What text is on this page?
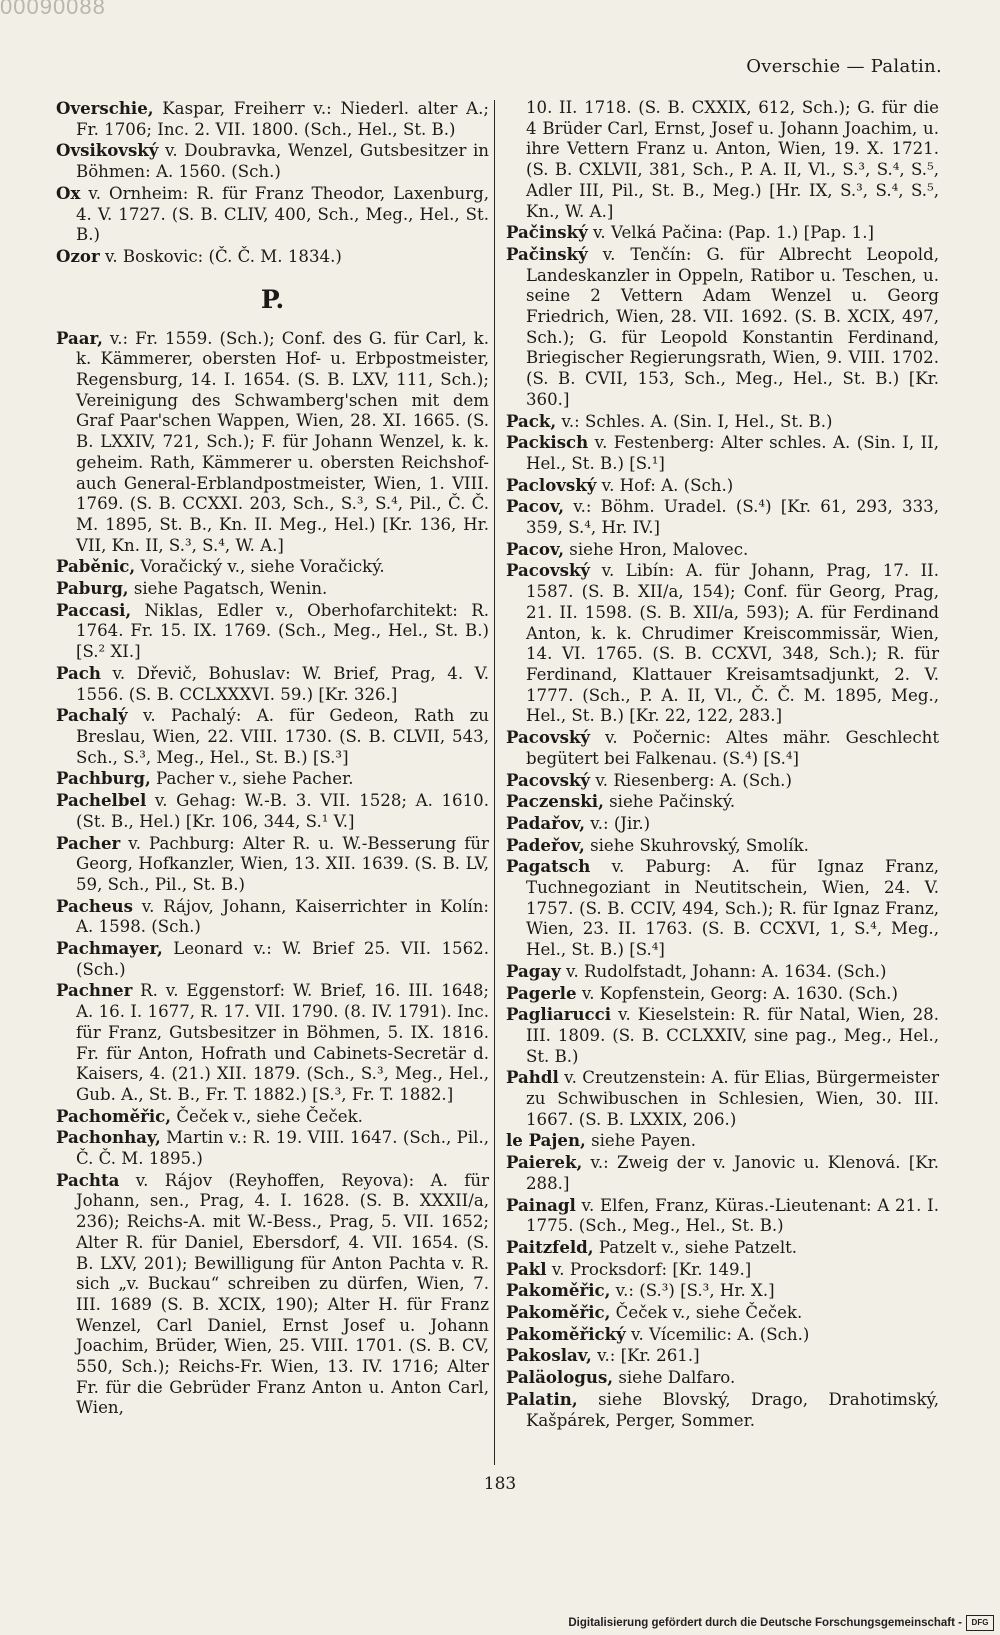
00090088
Overschie — Palatin.

Overschie, Kaspar, Freiherr v.: Niederl. alter A.; Fr. 1706; Inc. 2. VII. 1800. (Sch., Hel., St. B.)

Ovsikovský v. Doubravka, Wenzel, Gutsbesitzer in Böhmen: A. 1560. (Sch.)

Ox v. Ornheim: R. für Franz Theodor, Laxenburg, 4. V. 1727. (S. B. CLIV, 400, Sch., Meg., Hel., St. B.)

Ozor v. Boskovic: (Č. Č. M. 1834.)

P.

Paar, v.: Fr. 1559. (Sch.); Conf. des G. für Carl, k. k. Kämmerer, obersten Hof- u. Erbpostmeister, Regensburg, 14. I. 1654. (S. B. LXV, 111, Sch.); Vereinigung des Schwamberg'schen mit dem Graf Paar'schen Wappen, Wien, 28. XI. 1665. (S. B. LXXIV, 721, Sch.); F. für Johann Wenzel, k. k. geheim. Rath, Kämmerer u. obersten Reichshof- auch General-Erblandpostmeister, Wien, 1. VIII. 1769. (S. B. CCXXI. 203, Sch., S.³, S.⁴, Pil., Č. Č. M. 1895, St. B., Kn. II. Meg., Hel.) [Kr. 136, Hr. VII, Kn. II, S.³, S.⁴, W. A.]

Paběnic, Voračický v., siehe Voračický.

Paburg, siehe Pagatsch, Wenin.

Paccasi, Niklas, Edler v., Oberhofarchitekt: R. 1764. Fr. 15. IX. 1769. (Sch., Meg., Hel., St. B.) [S.² XI.]

Pach v. Dřevič, Bohuslav: W. Brief, Prag, 4. V. 1556. (S. B. CCLXXXVI. 59.) [Kr. 326.]

Pachalý v. Pachalý: A. für Gedeon, Rath zu Breslau, Wien, 22. VIII. 1730. (S. B. CLVII, 543, Sch., S.³, Meg., Hel., St. B.) [S.³]

Pachburg, Pacher v., siehe Pacher.

Pachelbel v. Gehag: W.-B. 3. VII. 1528; A. 1610. (St. B., Hel.) [Kr. 106, 344, S.¹ V.]

Pacher v. Pachburg: Alter R. u. W.-Besserung für Georg, Hofkanzler, Wien, 13. XII. 1639. (S. B. LV, 59, Sch., Pil., St. B.)

Pacheus v. Rájov, Johann, Kaiserrichter in Kolín: A. 1598. (Sch.)

Pachmayer, Leonard v.: W. Brief 25. VII. 1562. (Sch.)

Pachner R. v. Eggenstorf: W. Brief, 16. III. 1648; A. 16. I. 1677, R. 17. VII. 1790. (8. IV. 1791). Inc. für Franz, Gutsbesitzer in Böhmen, 5. IX. 1816. Fr. für Anton, Hofrath und Cabinets-Secretär d. Kaisers, 4. (21.) XII. 1879. (Sch., S.³, Meg., Hel., Gub. A., St. B., Fr. T. 1882.) [S.³, Fr. T. 1882.]

Pachoměřic, Čeček v., siehe Čeček.

Pachonhay, Martin v.: R. 19. VIII. 1647. (Sch., Pil., Č. Č. M. 1895.)

Pachta v. Rájov (Reyhoffen, Reyova): A. für Johann, sen., Prag, 4. I. 1628. (S. B. XXXII/a, 236); Reichs-A. mit W.-Bess., Prag, 5. VII. 1652; Alter R. für Daniel, Ebersdorf, 4. VII. 1654. (S. B. LXV, 201); Bewilligung für Anton Pachta v. R. sich „v. Buckau“ schreiben zu dürfen, Wien, 7. III. 1689 (S. B. XCIX, 190); Alter H. für Franz Wenzel, Carl Daniel, Ernst Josef u. Johann Joachim, Brüder, Wien, 25. VIII. 1701. (S. B. CV, 550, Sch.); Reichs-Fr. Wien, 13. IV. 1716; Alter Fr. für die Gebrüder Franz Anton u. Anton Carl, Wien,

10. II. 1718. (S. B. CXXIX, 612, Sch.); G. für die 4 Brüder Carl, Ernst, Josef u. Johann Joachim, u. ihre Vettern Franz u. Anton, Wien, 19. X. 1721. (S. B. CXLVII, 381, Sch., P. A. II, Vl., S.³, S.⁴, S.⁵, Adler III, Pil., St. B., Meg.) [Hr. IX, S.³, S.⁴, S.⁵, Kn., W. A.]

Pačinský v. Velká Pačina: (Pap. 1.) [Pap. 1.]

Pačinský v. Tenčín: G. für Albrecht Leopold, Landeskanzler in Oppeln, Ratibor u. Teschen, u. seine 2 Vettern Adam Wenzel u. Georg Friedrich, Wien, 28. VII. 1692. (S. B. XCIX, 497, Sch.); G. für Leopold Konstantin Ferdinand, Briegischer Regierungsrath, Wien, 9. VIII. 1702. (S. B. CVII, 153, Sch., Meg., Hel., St. B.) [Kr. 360.]

Pack, v.: Schles. A. (Sin. I, Hel., St. B.)

Packisch v. Festenberg: Alter schles. A. (Sin. I, II, Hel., St. B.) [S.¹]

Paclovský v. Hof: A. (Sch.)

Pacov, v.: Böhm. Uradel. (S.⁴) [Kr. 61, 293, 333, 359, S.⁴, Hr. IV.]

Pacov, siehe Hron, Malovec.

Pacovský v. Libín: A. für Johann, Prag, 17. II. 1587. (S. B. XII/a, 154); Conf. für Georg, Prag, 21. II. 1598. (S. B. XII/a, 593); A. für Ferdinand Anton, k. k. Chrudimer Kreiscommissär, Wien, 14. VI. 1765. (S. B. CCXVI, 348, Sch.); R. für Ferdinand, Klattauer Kreisamtsadjunkt, 2. V. 1777. (Sch., P. A. II, Vl., Č. Č. M. 1895, Meg., Hel., St. B.) [Kr. 22, 122, 283.]

Pacovský v. Počernic: Altes mähr. Geschlecht begütert bei Falkenau. (S.⁴) [S.⁴]

Pacovský v. Riesenberg: A. (Sch.)

Paczenski, siehe Pačinský.

Padařov, v.: (Jir.)

Padeřov, siehe Skuhrovský, Smolík.

Pagatsch v. Paburg: A. für Ignaz Franz, Tuchnegoziant in Neutitschein, Wien, 24. V. 1757. (S. B. CCIV, 494, Sch.); R. für Ignaz Franz, Wien, 23. II. 1763. (S. B. CCXVI, 1, S.⁴, Meg., Hel., St. B.) [S.⁴]

Pagay v. Rudolfstadt, Johann: A. 1634. (Sch.)

Pagerle v. Kopfenstein, Georg: A. 1630. (Sch.)

Pagliarucci v. Kieselstein: R. für Natal, Wien, 28. III. 1809. (S. B. CCLXXIV, sine pag., Meg., Hel., St. B.)

Pahdl v. Creutzenstein: A. für Elias, Bürgermeister zu Schwibuschen in Schlesien, Wien, 30. III. 1667. (S. B. LXXIX, 206.)

le Pajen, siehe Payen.

Paierek, v.: Zweig der v. Janovic u. Klenová. [Kr. 288.]

Painagl v. Elfen, Franz, Küras.-Lieutenant: A 21. I. 1775. (Sch., Meg., Hel., St. B.)

Paitzfeld, Patzelt v., siehe Patzelt.

Pakl v. Procksdorf: [Kr. 149.]

Pakoměřic, v.: (S.³) [S.³, Hr. X.]

Pakoměřic, Čeček v., siehe Čeček.

Pakoměřický v. Vícemilic: A. (Sch.)

Pakoslav, v.: [Kr. 261.]

Paläologus, siehe Dalfaro.

Palatin, siehe Blovský, Drago, Drahotimský, Kašpárek, Perger, Sommer.

183
Digitalisierung gefördert durch die Deutsche Forschungsgemeinschaft -	DFG
